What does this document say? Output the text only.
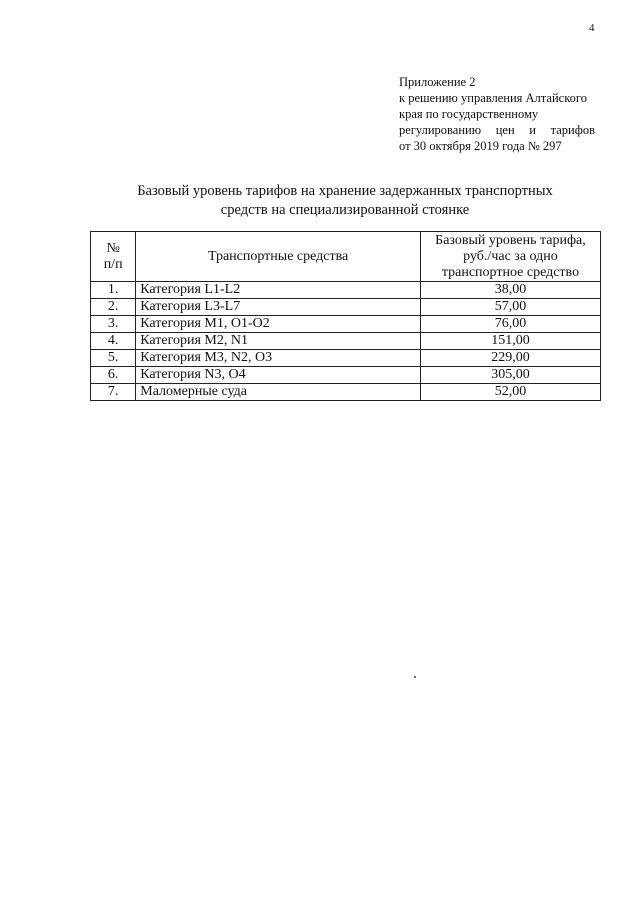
4
Приложение 2
к решению управления Алтайского
края по государственному
регулированию цен и тарифов
от 30 октября 2019 года № 297
Базовый уровень тарифов на хранение задержанных транспортных
средств на специализированной стоянке
№
п/п	Транспортные средства	Базовый уровень тарифа,
руб./час за одно
транспортное средство

1.	Категория L1-L2	38,00
2.	Категория L3-L7	57,00
3.	Категория M1, O1-O2	76,00
4.	Категория M2, N1	151,00
5.	Категория M3, N2, O3	229,00
6.	Категория N3, O4	305,00
7.	Маломерные суда	52,00
